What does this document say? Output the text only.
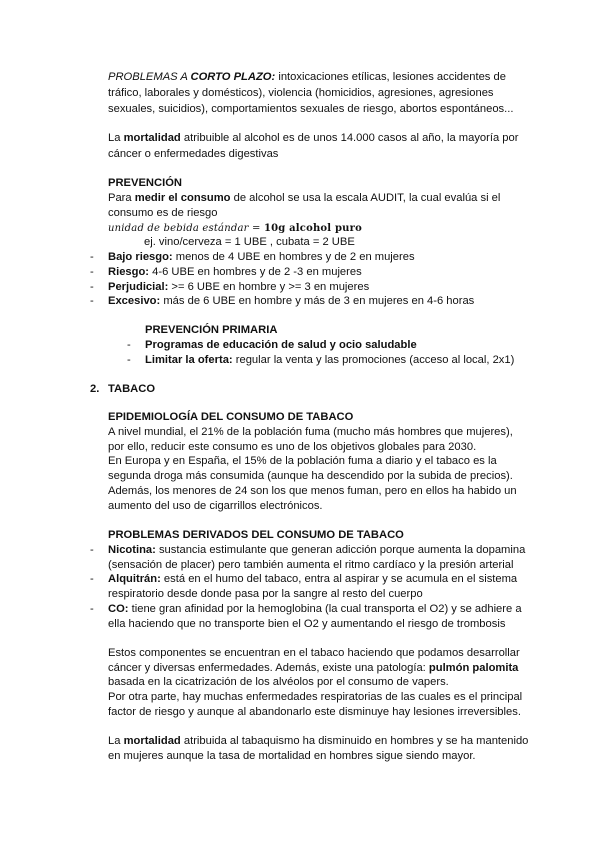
PROBLEMAS A CORTO PLAZO: intoxicaciones etílicas, lesiones accidentes de
tráfico, laborales y domésticos), violencia (homicidios, agresiones, agresiones
sexuales, suicidios), comportamientos sexuales de riesgo, abortos espontáneos...
La mortalidad atribuible al alcohol es de unos 14.000 casos al año, la mayoría por
cáncer o enfermedades digestivas
PREVENCIÓN
Para medir el consumo de alcohol se usa la escala AUDIT, la cual evalúa si el
consumo es de riesgo
unidad de bebida estándar = 10g alcohol puro
ej. vino/cerveza = 1 UBE , cubata = 2 UBE
- Bajo riesgo: menos de 4 UBE en hombres y de 2 en mujeres
- Riesgo: 4-6 UBE en hombres y de 2 -3 en mujeres
- Perjudicial: >= 6 UBE en hombre y >= 3 en mujeres
- Excesivo: más de 6 UBE en hombre y más de 3 en mujeres en 4-6 horas
PREVENCIÓN PRIMARIA
- Programas de educación de salud y ocio saludable
- Limitar la oferta: regular la venta y las promociones (acceso al local, 2x1)
2. TABACO
EPIDEMIOLOGÍA DEL CONSUMO DE TABACO
A nivel mundial, el 21% de la población fuma (mucho más hombres que mujeres),
por ello, reducir este consumo es uno de los objetivos globales para 2030.
En Europa y en España, el 15% de la población fuma a diario y el tabaco es la
segunda droga más consumida (aunque ha descendido por la subida de precios).
Además, los menores de 24 son los que menos fuman, pero en ellos ha habido un
aumento del uso de cigarrillos electrónicos.
PROBLEMAS DERIVADOS DEL CONSUMO DE TABACO
- Nicotina: sustancia estimulante que generan adicción porque aumenta la dopamina
(sensación de placer) pero también aumenta el ritmo cardíaco y la presión arterial
- Alquitrán: está en el humo del tabaco, entra al aspirar y se acumula en el sistema
respiratorio desde donde pasa por la sangre al resto del cuerpo
- CO: tiene gran afinidad por la hemoglobina (la cual transporta el O2) y se adhiere a
ella haciendo que no transporte bien el O2 y aumentando el riesgo de trombosis
Estos componentes se encuentran en el tabaco haciendo que podamos desarrollar
cáncer y diversas enfermedades. Además, existe una patología: pulmón palomita
basada en la cicatrización de los alvéolos por el consumo de vapers.
Por otra parte, hay muchas enfermedades respiratorias de las cuales es el principal
factor de riesgo y aunque al abandonarlo este disminuye hay lesiones irreversibles.
La mortalidad atribuida al tabaquismo ha disminuido en hombres y se ha mantenido
en mujeres aunque la tasa de mortalidad en hombres sigue siendo mayor.
